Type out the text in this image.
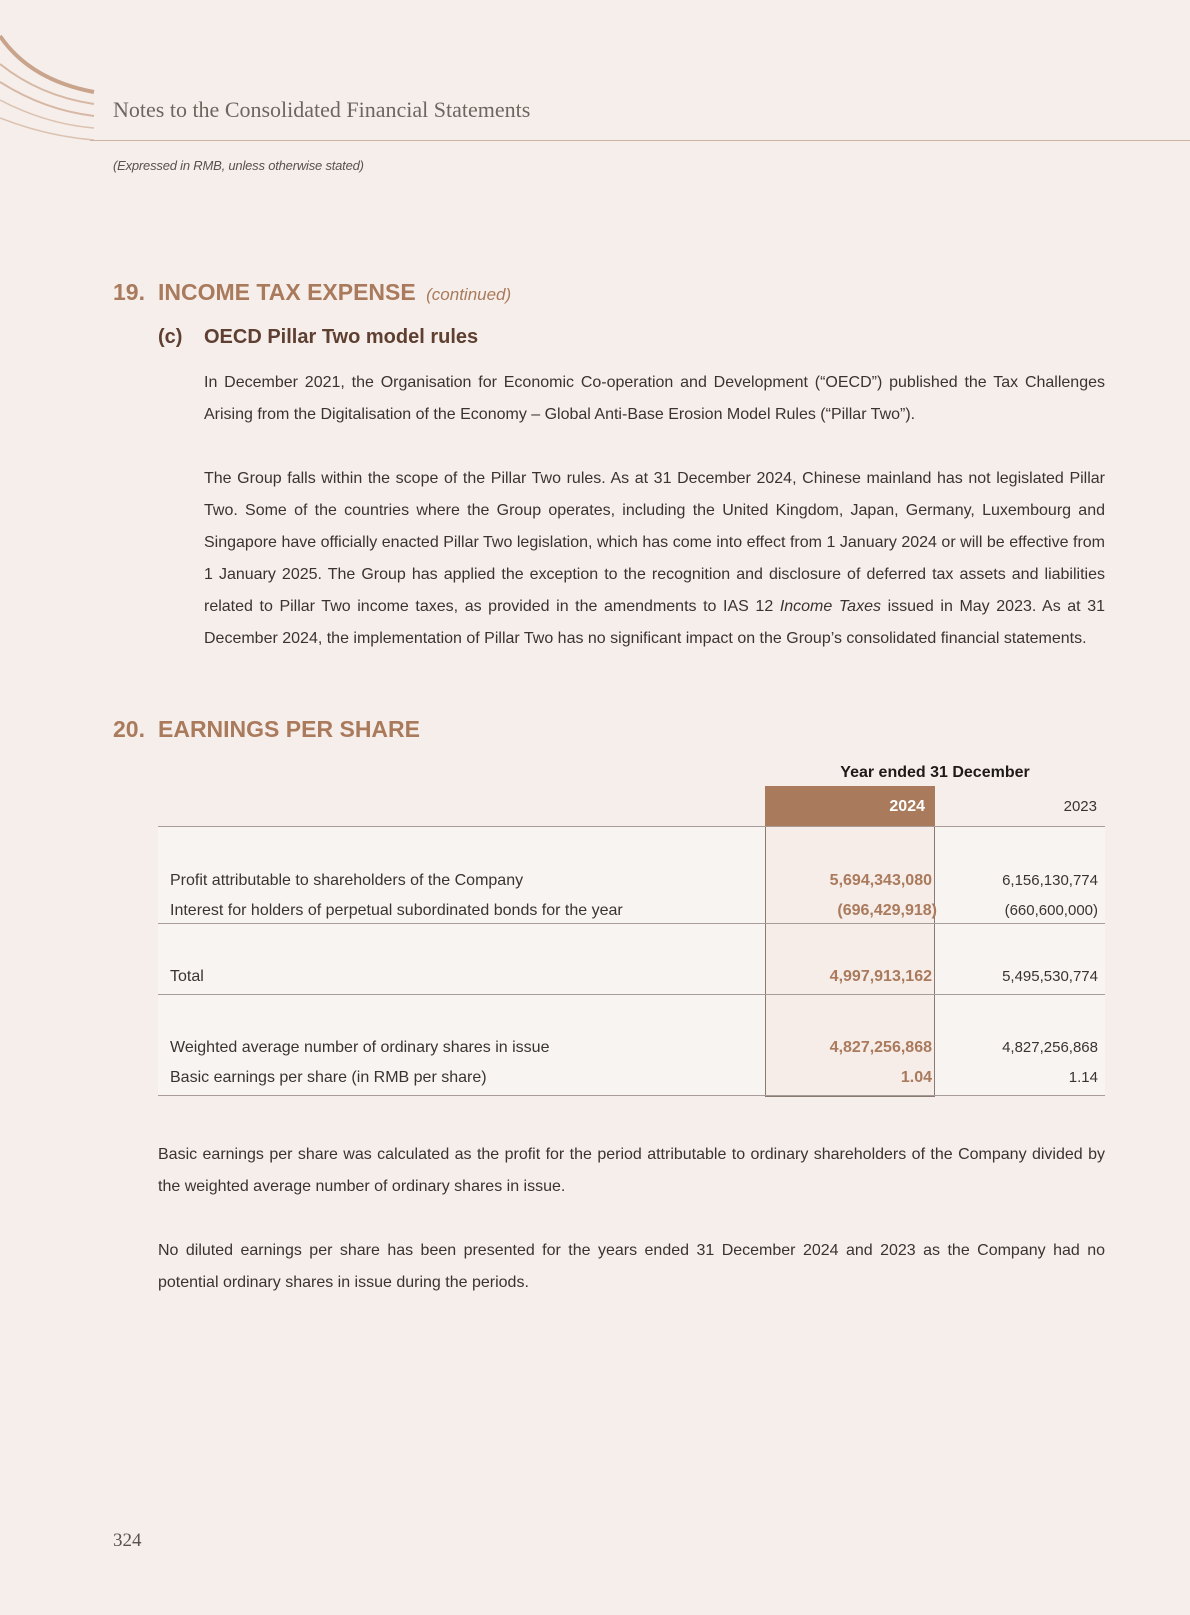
Notes to the Consolidated Financial Statements
(Expressed in RMB, unless otherwise stated)
19. INCOME TAX EXPENSE (continued)
(c) OECD Pillar Two model rules

In December 2021, the Organisation for Economic Co-operation and Development (“OECD”) published the Tax Challenges Arising from the Digitalisation of the Economy – Global Anti-Base Erosion Model Rules (“Pillar Two”).

The Group falls within the scope of the Pillar Two rules. As at 31 December 2024, Chinese mainland has not legislated Pillar Two. Some of the countries where the Group operates, including the United Kingdom, Japan, Germany, Luxembourg and Singapore have officially enacted Pillar Two legislation, which has come into effect from 1 January 2024 or will be effective from 1 January 2025. The Group has applied the exception to the recognition and disclosure of deferred tax assets and liabilities related to Pillar Two income taxes, as provided in the amendments to IAS 12 Income Taxes issued in May 2023. As at 31 December 2024, the implementation of Pillar Two has no significant impact on the Group’s consolidated financial statements.

20. EARNINGS PER SHARE
Year ended 31 December
2024	2023
Profit attributable to shareholders of the Company	5,694,343,080	6,156,130,774
Interest for holders of perpetual subordinated bonds for the year	(696,429,918)	(660,600,000)
Total	4,997,913,162	5,495,530,774
Weighted average number of ordinary shares in issue	4,827,256,868	4,827,256,868
Basic earnings per share (in RMB per share)	1.04	1.14

Basic earnings per share was calculated as the profit for the period attributable to ordinary shareholders of the Company divided by the weighted average number of ordinary shares in issue.

No diluted earnings per share has been presented for the years ended 31 December 2024 and 2023 as the Company had no potential ordinary shares in issue during the periods.

324
